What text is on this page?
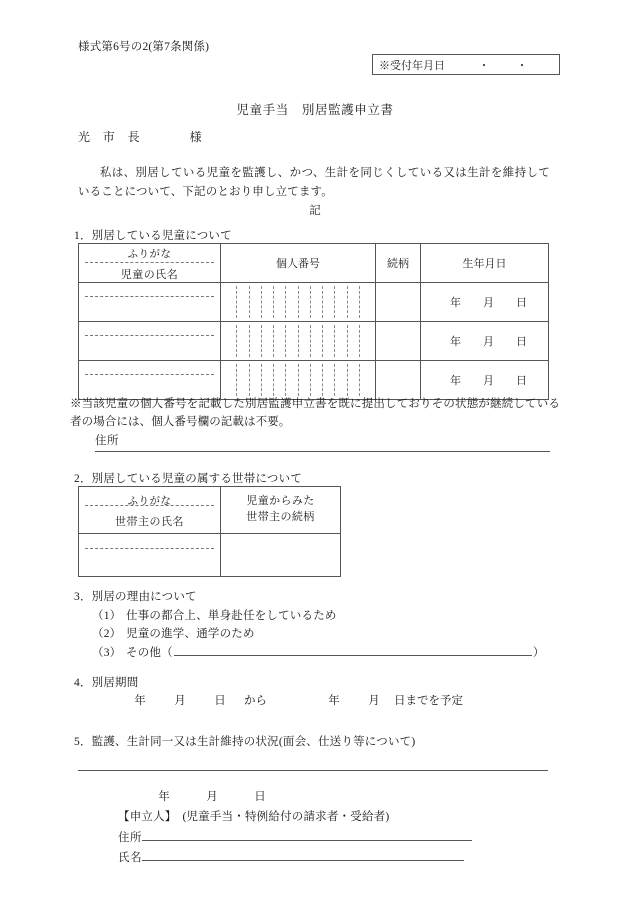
様式第6号の2(第7条関係)
※受付年月日	・	・
児童手当　別居監護申立書
光　市　長　　　　様
私は、別居している児童を監護し、かつ、生計を同じくしている又は生計を維持していることについて、下記のとおり申し立てます。
記
1．別居している児童について
ふりがな
児童の氏名	個人番号	続柄	生年月日

			年 月 日

			年 月 日

			年 月 日
※当該児童の個人番号を記載した別居監護申立書を既に提出しておりその状態が継続している者の場合には、個人番号欄の記載は不要。
住所
2．別居している児童の属する世帯について
ふりがな
世帯主の氏名	児童からみた
世帯主の続柄

3．別居の理由について
（1） 仕事の都合上、単身赴任をしているため
（2） 児童の進学、通学のため
（3） その他 （	）
4．別居期間
年	月	日	から	年	月	日までを予定
5．監護、生計同一又は生計維持の状況(面会、仕送り等について)
年	月	日
【申立人】　(児童手当・特例給付の請求者・受給者)
住所
氏名
